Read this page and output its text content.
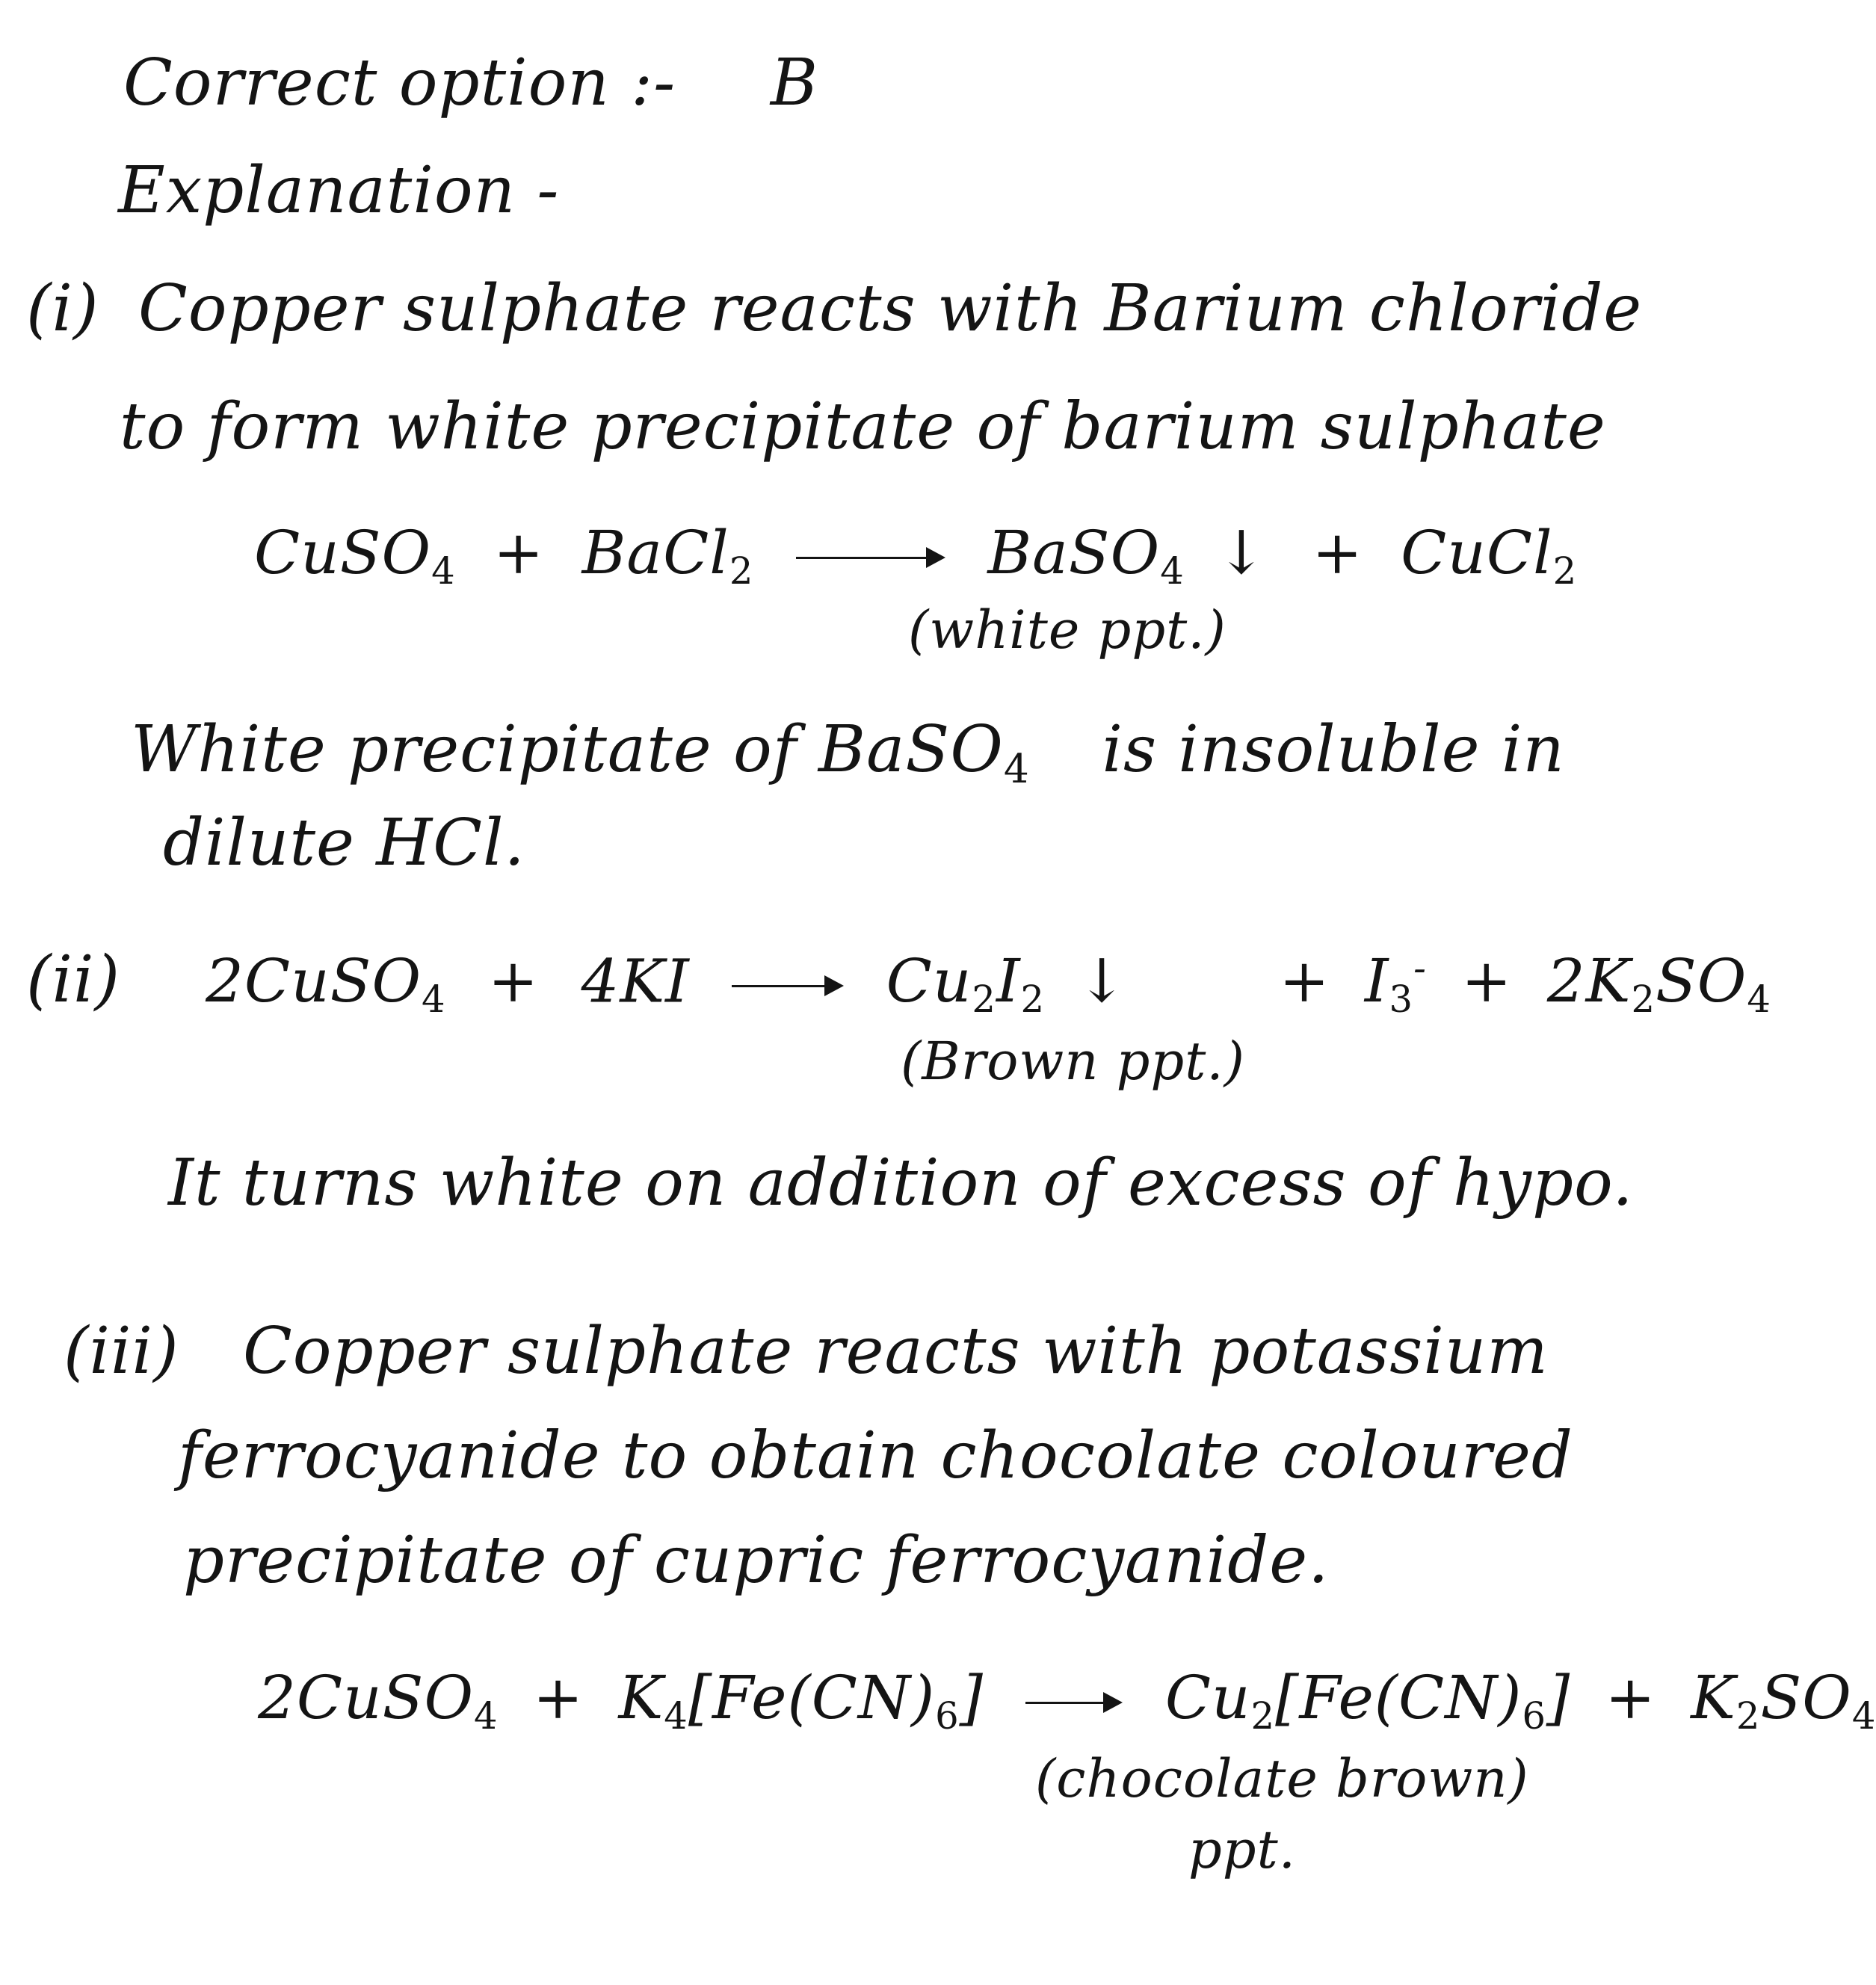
Correct option :- B
Explanation -
(i) Copper sulphate reacts with Barium chloride
to form white precipitate of barium sulphate
CuSO$_4$ + BaCl$_2$	BaSO$_4$ ↓ + CuCl$_2$
(white ppt.)
White precipitate of BaSO$_4$ is insoluble in
dilute HCl.
(ii) 2CuSO$_4$ + 4KI	$Cu_2I_2$ ↓	+ $I_3^- + 2K_2SO_4$
(Brown ppt.)
It turns white on addition of excess of hypo.
(iii) Copper sulphate reacts with potassium
ferrocyanide to obtain chocolate coloured
precipitate of cupric ferrocyanide.
2CuSO$_4$ + $K_4[Fe(CN)_6]$	$Cu_2[Fe(CN)_6] + K_2SO_4$
(chocolate brown)
ppt.
